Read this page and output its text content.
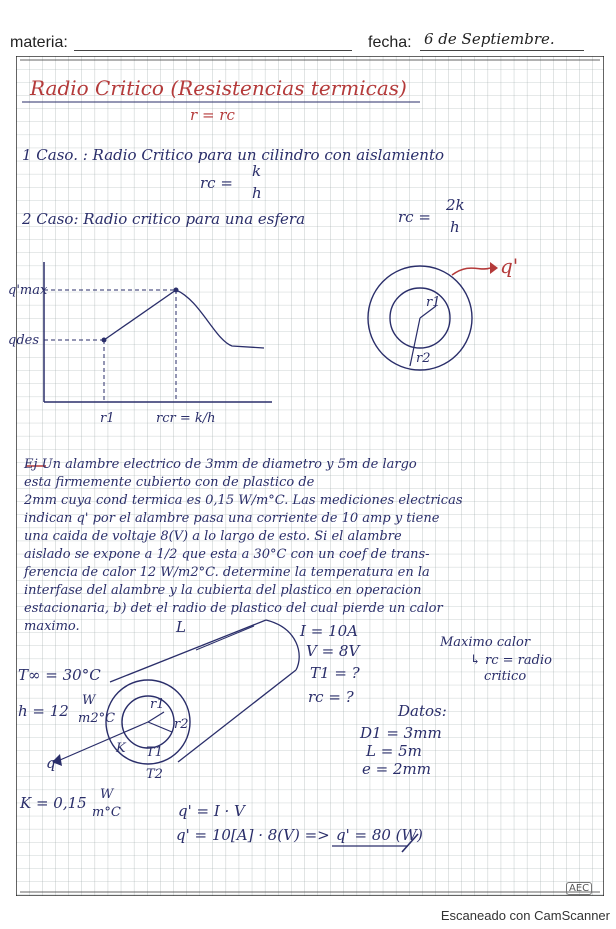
materia:	fecha: 6 de Septiembre.
Radio Critico (Resistencias termicas)
r = rc
1 Caso. : Radio Critico para un cilindro con aislamiento
rc =
k
h
2 Caso: Radio critico para una esfera	rc =
2k
h
q'max
qdes
r1	rcr = k/h
q'
r1
r2
Ej Un alambre electrico de 3mm de diametro y 5m de largo
esta firmemente cubierto con de plastico de
2mm cuya cond termica es 0,15 W/m°C. Las mediciones electricas
indican q' por el alambre pasa una corriente de 10 amp y tiene
una caida de voltaje 8(V) a lo largo de esto. Si el alambre
aislado se expone a 1/2 que esta a 30°C con un coef de trans-
ferencia de calor 12 W/m2°C. determine la temperatura en la
interfase del alambre y la cubierta del plastico en operacion
estacionaria, b) det el radio de plastico del cual pierde un calor
maximo.	L
T∞ = 30°C
h = 12
W
m2°C
q
K
r1
r2
T1
T2
I = 10A
V = 8V
T1 = ?
rc = ?
Maximo calor
↳ rc = radio
critico
Datos:
D1 = 3mm
L = 5m
e = 2mm
K = 0,15 W
m°C	q' = I · V
q' = 10[A] · 8(V) => q' = 80 (W)
AEC
Escaneado con CamScanner
